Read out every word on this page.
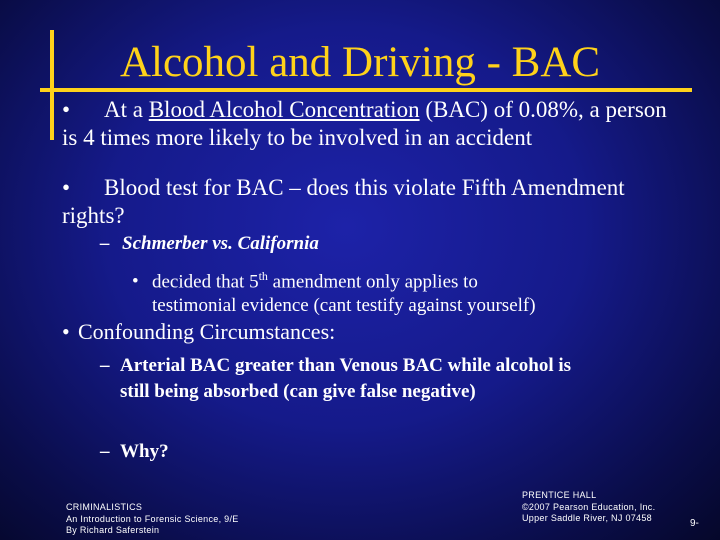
Alcohol and Driving - BAC
• At a Blood Alcohol Concentration (BAC) of 0.08%, a person is 4 times more likely to be involved in an accident
• Blood test for BAC – does this violate Fifth Amendment rights?
– Schmerber vs. California
• decided that 5th amendment only applies to
testimonial evidence (cant testify against yourself)
• Confounding Circumstances:
– Arterial BAC greater than Venous BAC while alcohol is still being absorbed (can give false negative)
– Why?
CRIMINALISTICS
An Introduction to Forensic Science, 9/E
By Richard Saferstein
PRENTICE HALL
©2007 Pearson Education, Inc.
Upper Saddle River, NJ 07458	9-
